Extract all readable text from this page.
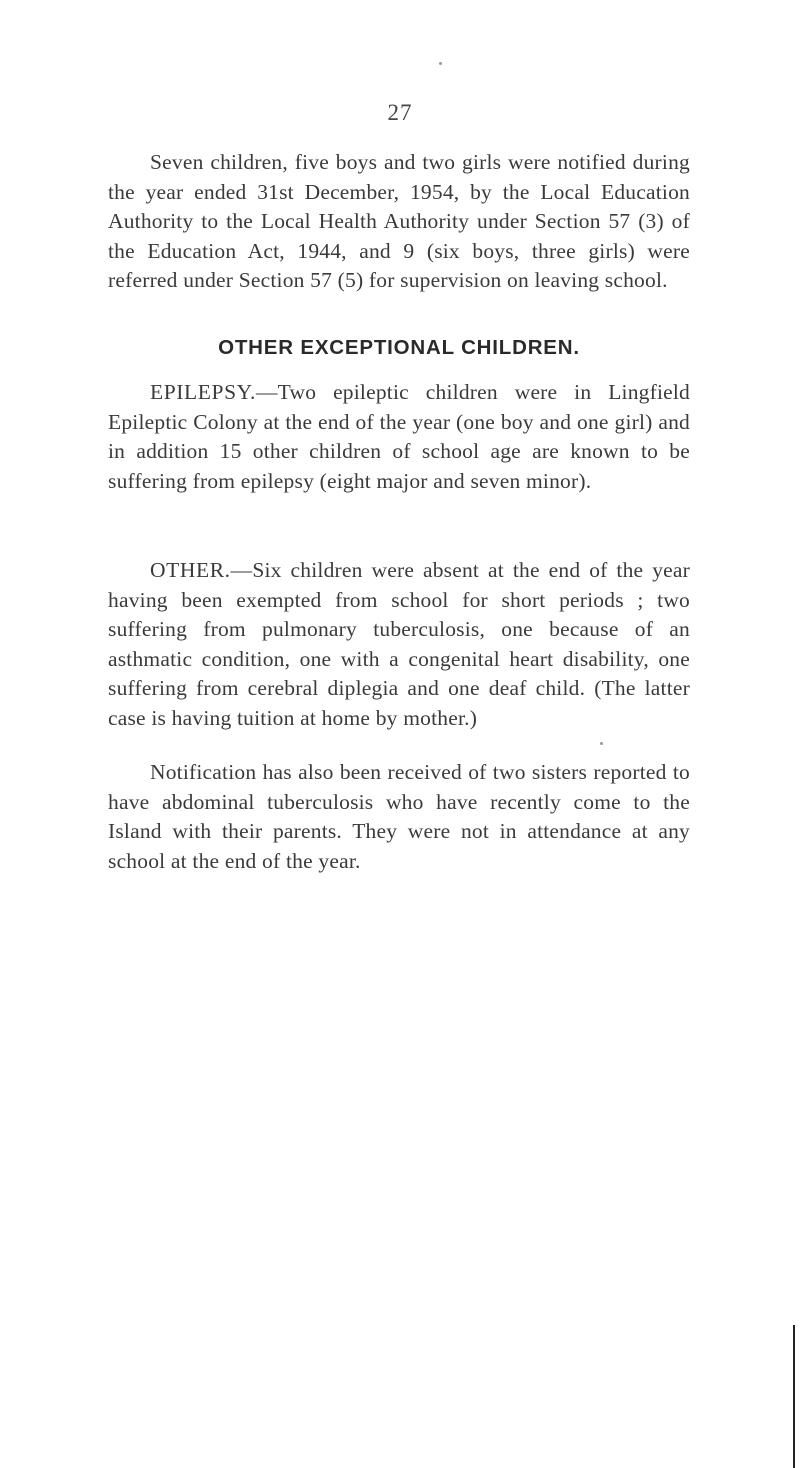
27

Seven children, five boys and two girls were notified during the year ended 31st December, 1954, by the Local Education Authority to the Local Health Authority under Section 57 (3) of the Education Act, 1944, and 9 (six boys, three girls) were referred under Section 57 (5) for supervision on leaving school.

OTHER EXCEPTIONAL CHILDREN.

EPILEPSY.—Two epileptic children were in Lingfield Epileptic Colony at the end of the year (one boy and one girl) and in addition 15 other children of school age are known to be suffering from epilepsy (eight major and seven minor).

OTHER.—Six children were absent at the end of the year having been exempted from school for short periods ; two suffering from pulmonary tuberculosis, one because of an asthmatic condition, one with a congenital heart disability, one suffering from cerebral diplegia and one deaf child. (The latter case is having tuition at home by mother.)

Notification has also been received of two sisters reported to have abdominal tuberculosis who have recently come to the Island with their parents. They were not in attendance at any school at the end of the year.
